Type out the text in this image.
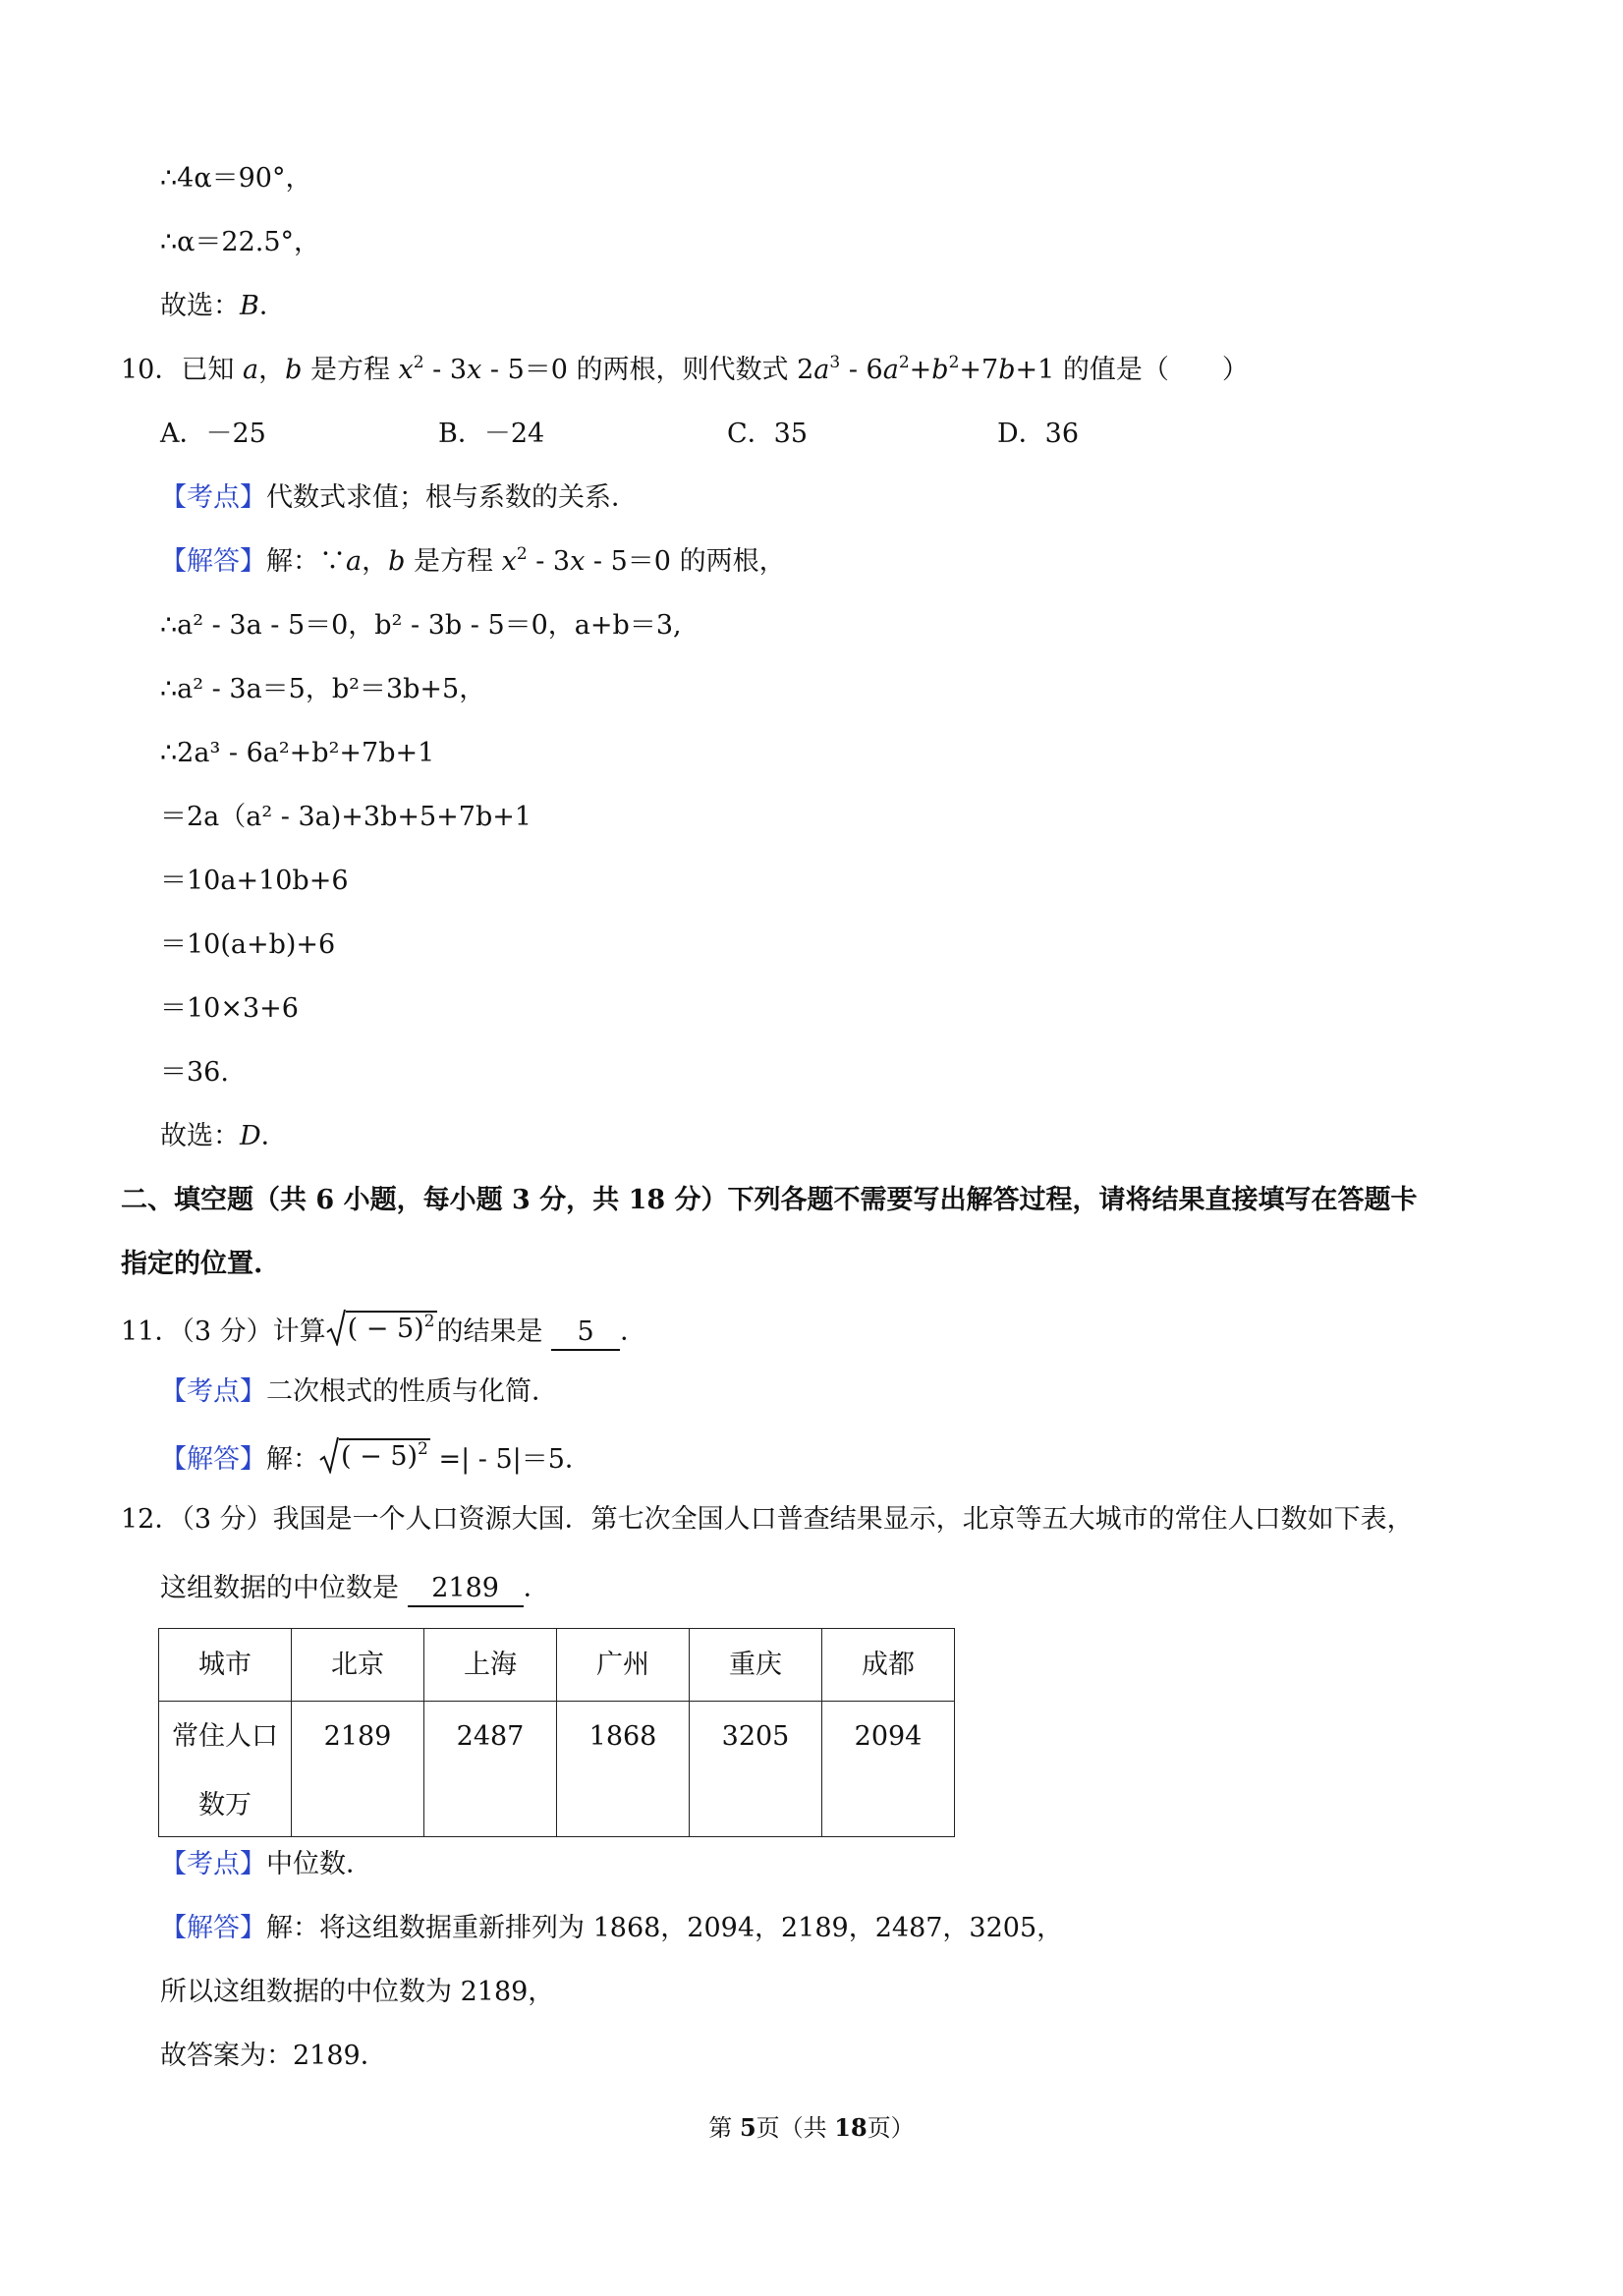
∴4α＝90°，
∴α＝22.5°，
故选：B．
10．已知 a，b 是方程 $x^2$ ‐ 3x ‐ 5＝0 的两根，则代数式 $2a^3$ ‐ $6a^2+b^2+7b+1$ 的值是（　　）
A．－25	B．－24	C．35	D．36
【考点】代数式求值；根与系数的关系．
【解答】解：∵a，b 是方程 $x^2$ ‐ 3x ‐ 5＝0 的两根，
∴a² ‐ 3a ‐ 5＝0，b² ‐ 3b ‐ 5＝0，a+b＝3,
∴a² ‐ 3a＝5，b²＝3b+5，
∴2a³ ‐ 6a²+b²+7b+1
＝2a（a² ‐ 3a)+3b+5+7b+1
＝10a+10b+6
＝10(a+b)+6
＝10×3+6
＝36.
故选：D．
二、填空题（共 6 小题，每小题 3 分，共 18 分）下列各题不需要写出解答过程，请将结果直接填写在答题卡
指定的位置.
11．（3 分）计算 ( − 5)$^2$ 的结果是 5 ．
【考点】二次根式的性质与化简．
【解答】解： ( − 5)$^2$ =| ‐ 5|＝5．
12．（3 分）我国是一个人口资源大国．第七次全国人口普查结果显示，北京等五大城市的常住人口数如下表，
这组数据的中位数是 2189 ．
城市	北京	上海	广州	重庆	成都

常住人口
数万	2189	2487	1868	3205	2094
【考点】中位数．
【解答】解：将这组数据重新排列为 1868，2094，2189，2487，3205，
所以这组数据的中位数为 2189，
故答案为：2189．
第 5页（共 18页）
